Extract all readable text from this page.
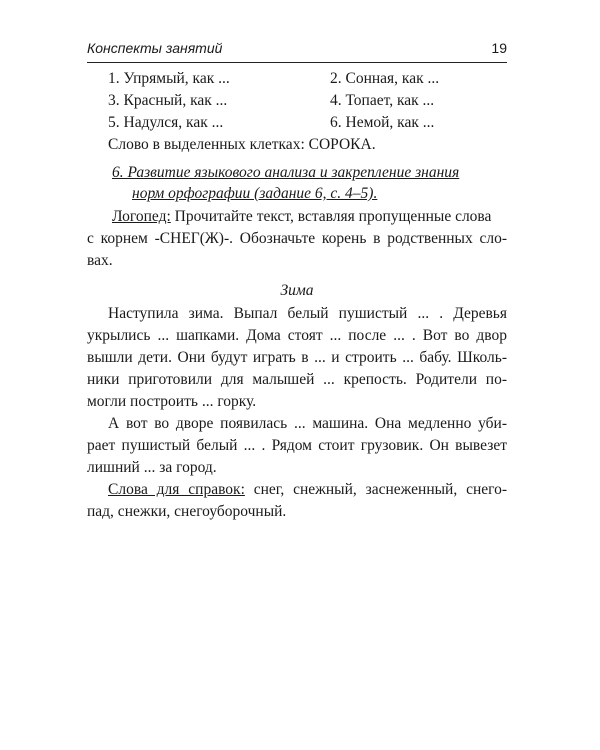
Конспекты занятий	19
1. Упрямый, как ...	2. Сонная, как ...
3. Красный, как ...	4. Топает, как ...
5. Надулся, как ...	6. Немой, как ...
Слово в выделенных клетках: СОРОКА.
6. Развитие языкового анализа и закрепление знания
норм орфографии (задание 6, с. 4–5).
Логопед: Прочитайте текст, вставляя пропущенные слова
с корнем -СНЕГ(Ж)-. Обозначьте корень в родственных сло-
вах.
Зима
Наступила зима. Выпал белый пушистый ... . Деревья
укрылись ... шапками. Дома стоят ... после ... . Вот во двор
вышли дети. Они будут играть в ... и строить ... бабу. Школь-
ники приготовили для малышей ... крепость. Родители по-
могли построить ... горку.
А вот во дворе появилась ... машина. Она медленно уби-
рает пушистый белый ... . Рядом стоит грузовик. Он вывезет
лишний ... за город.
Слова для справок: снег, снежный, заснеженный, снего-
пад, снежки, снегоуборочный.
